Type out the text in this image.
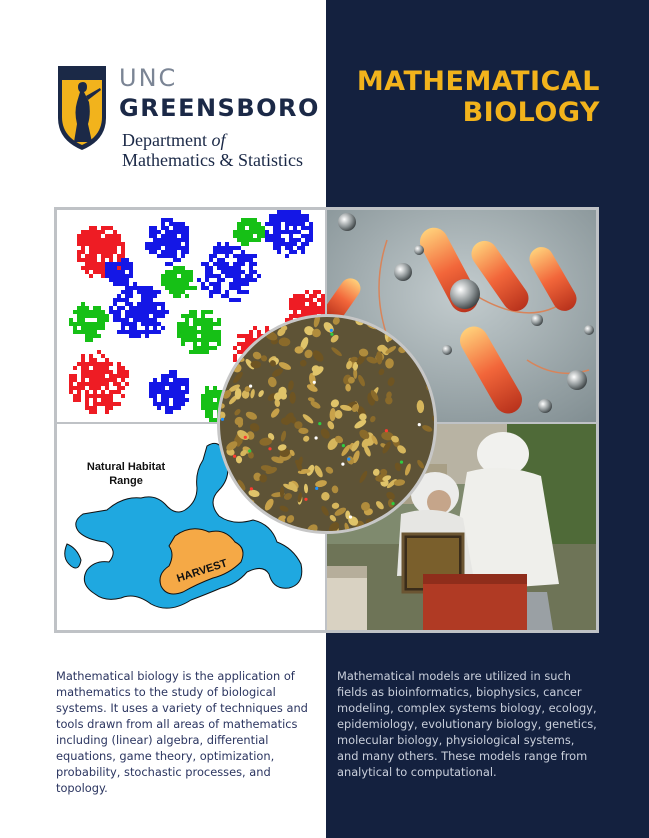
UNC
GREENSBORO
Department of
Mathematics & Statistics
MATHEMATICAL BIOLOGY
HARVEST
Natural Habitat Range

Mathematical biology is the application of mathematics to the study of biological systems. It uses a variety of techniques and tools drawn from all areas of mathematics including (linear) algebra, differential equations, game theory, optimization, probability, stochastic processes, and topology.

Mathematical models are utilized in such fields as bioinformatics, biophysics, cancer modeling, complex systems biology, ecology, epidemiology, evolutionary biology, genetics, molecular biology, physiological systems, and many others. These models range from analytical to computational.
